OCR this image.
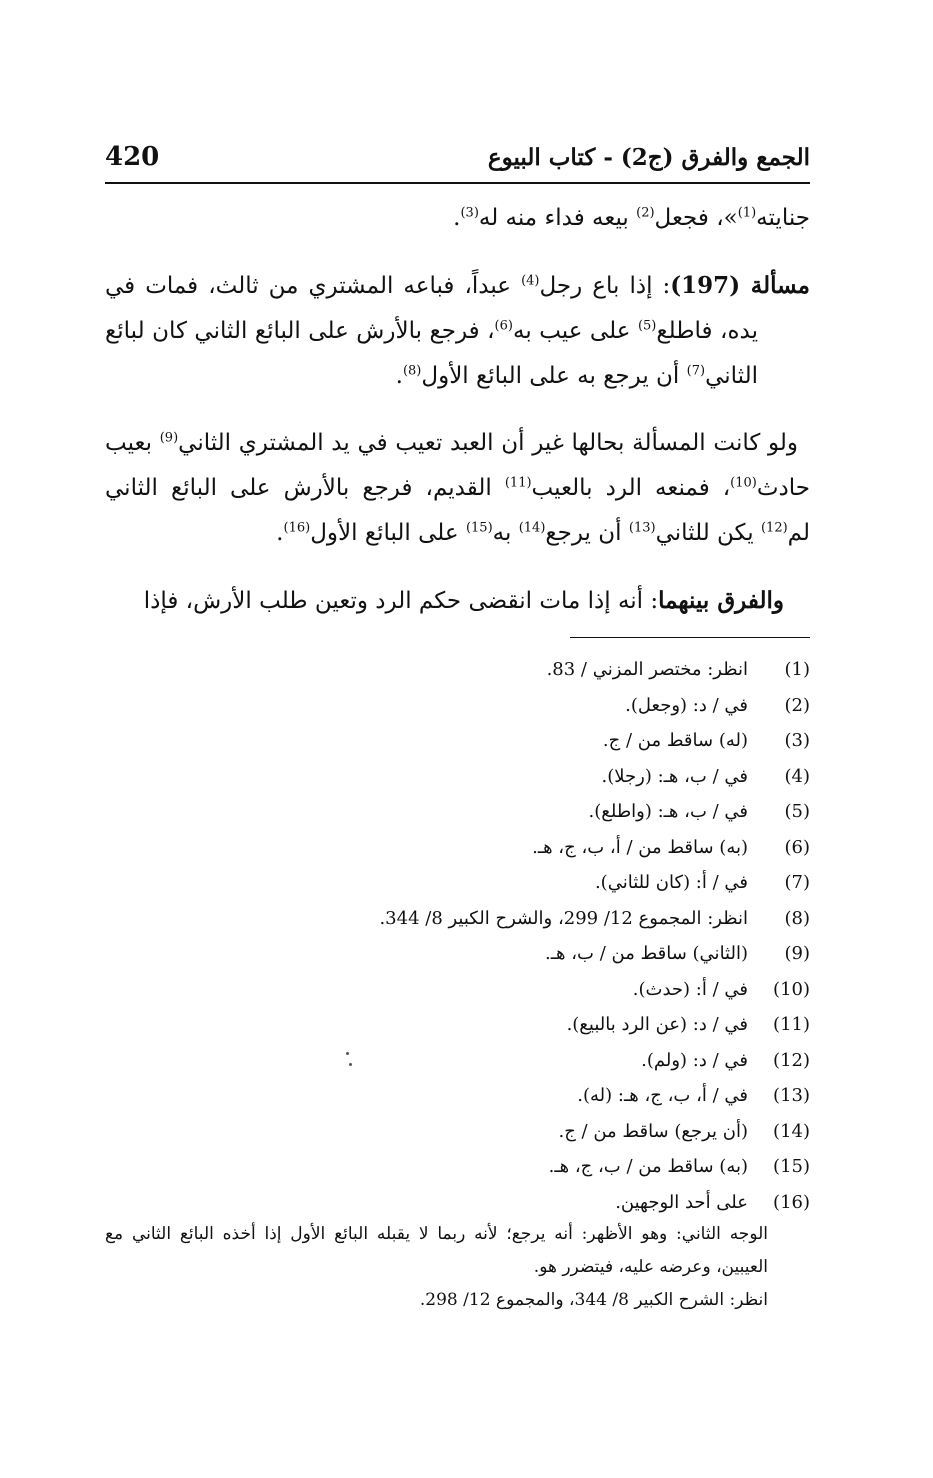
420	الجمع والفرق (ج2) - كتاب البيوع

جنايته$^{(1)}$»، فجعل$^{(2)}$ بيعه فداء منه له$^{(3)}$.

مسألة (197): إذا باع رجل$^{(4)}$ عبداً، فباعه المشتري من ثالث، فمات في يده، فاطلع$^{(5)}$ على عيب به$^{(6)}$، فرجع بالأرش على البائع الثاني كان لبائع الثاني$^{(7)}$ أن يرجع به على البائع الأول$^{(8)}$.

ولو كانت المسألة بحالها غير أن العبد تعيب في يد المشتري الثاني$^{(9)}$ بعيب حادث$^{(10)}$، فمنعه الرد بالعيب$^{(11)}$ القديم، فرجع بالأرش على البائع الثاني لم$^{(12)}$ يكن للثاني$^{(13)}$ أن يرجع$^{(14)}$ به$^{(15)}$ على البائع الأول$^{(16)}$.

والفرق بينهما: أنه إذا مات انقضى حكم الرد وتعين طلب الأرش، فإذا

(1)
انظر: مختصر المزني / 83.
(2)
في / د: (وجعل).
(3)
(له) ساقط من / ج.
(4)
في / ب، هـ: (رجلا).
(5)
في / ب، هـ: (واطلع).
(6)
(به) ساقط من / أ، ب، ج، هـ.
(7)
في / أ: (كان للثاني).
(8)
انظر: المجموع 12/ 299، والشرح الكبير 8/ 344.
(9)
(الثاني) ساقط من / ب، هـ.
(10)
في / أ: (حدث).
(11)
في / د: (عن الرد بالبيع).
(12)
في / د: (ولم).
(13)
في / أ، ب، ج، هـ: (له).
(14)
(أن يرجع) ساقط من / ج.
(15)
(به) ساقط من / ب، ج، هـ.
(16)
على أحد الوجهين.

الوجه الثاني: وهو الأظهر: أنه يرجع؛ لأنه ربما لا يقبله البائع الأول إذا أخذه البائع الثاني مع العيبين، وعرضه عليه، فيتضرر هو.

انظر: الشرح الكبير 8/ 344، والمجموع 12/ 298.
